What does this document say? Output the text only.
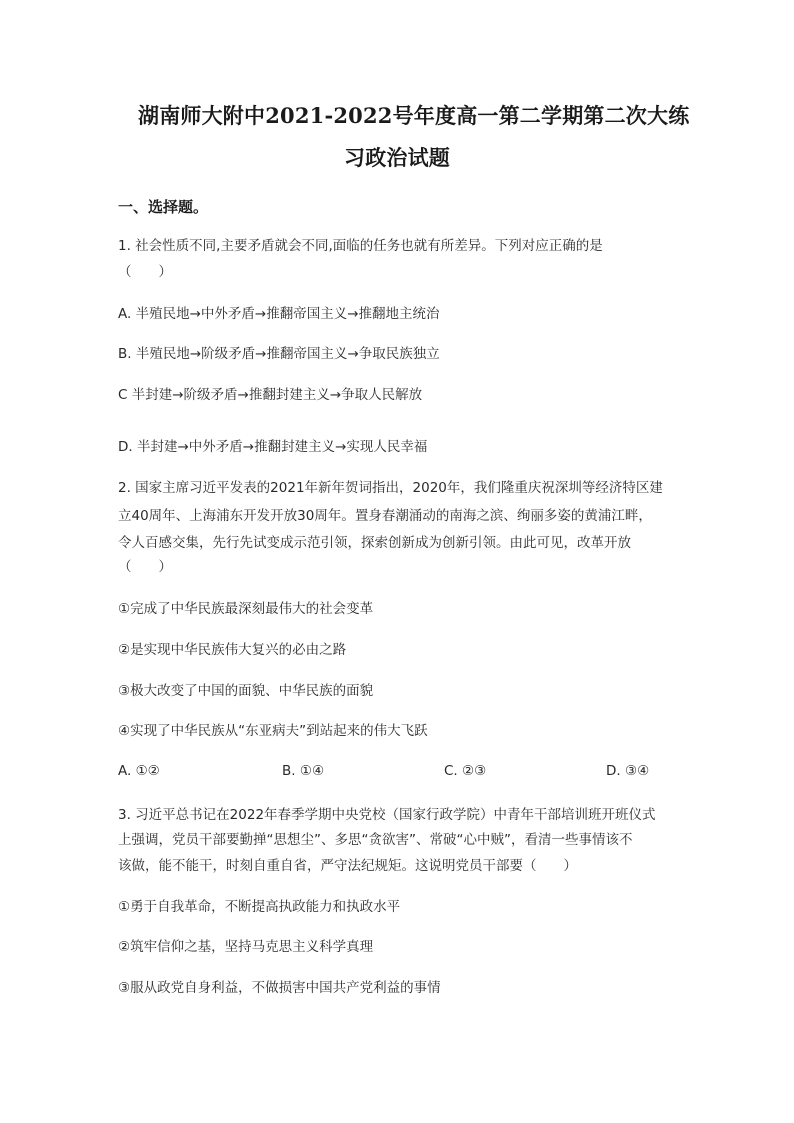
湖南师大附中2021-2022号年度高一第二学期第二次大练
习政治试题
一、选择题。
1. 社会性质不同,主要矛盾就会不同,面临的任务也就有所差异。下列对应正确的是
（　　）
A. 半殖民地→中外矛盾→推翻帝国主义→推翻地主统治
B. 半殖民地→阶级矛盾→推翻帝国主义→争取民族独立
C 半封建→阶级矛盾→推翻封建主义→争取人民解放
D. 半封建→中外矛盾→推翻封建主义→实现人民幸福
2. 国家主席习近平发表的2021年新年贺词指出，2020年，我们隆重庆祝深圳等经济特区建
立40周年、上海浦东开发开放30周年。置身春潮涌动的南海之滨、绚丽多姿的黄浦江畔，
令人百感交集，先行先试变成示范引领，探索创新成为创新引领。由此可见，改革开放
（　　）
①完成了中华民族最深刻最伟大的社会变革
②是实现中华民族伟大复兴的必由之路
③极大改变了中国的面貌、中华民族的面貌
④实现了中华民族从“东亚病夫”到站起来的伟大飞跃
A. ①②	B. ①④	C. ②③	D. ③④
3. 习近平总书记在2022年春季学期中央党校（国家行政学院）中青年干部培训班开班仪式
上强调，党员干部要勤掸“思想尘”、多思“贪欲害”、常破“心中贼”，看清一些事情该不
该做，能不能干，时刻自重自省，严守法纪规矩。这说明党员干部要（　　）
①勇于自我革命，不断提高执政能力和执政水平
②筑牢信仰之基，坚持马克思主义科学真理
③服从政党自身利益，不做损害中国共产党利益的事情
